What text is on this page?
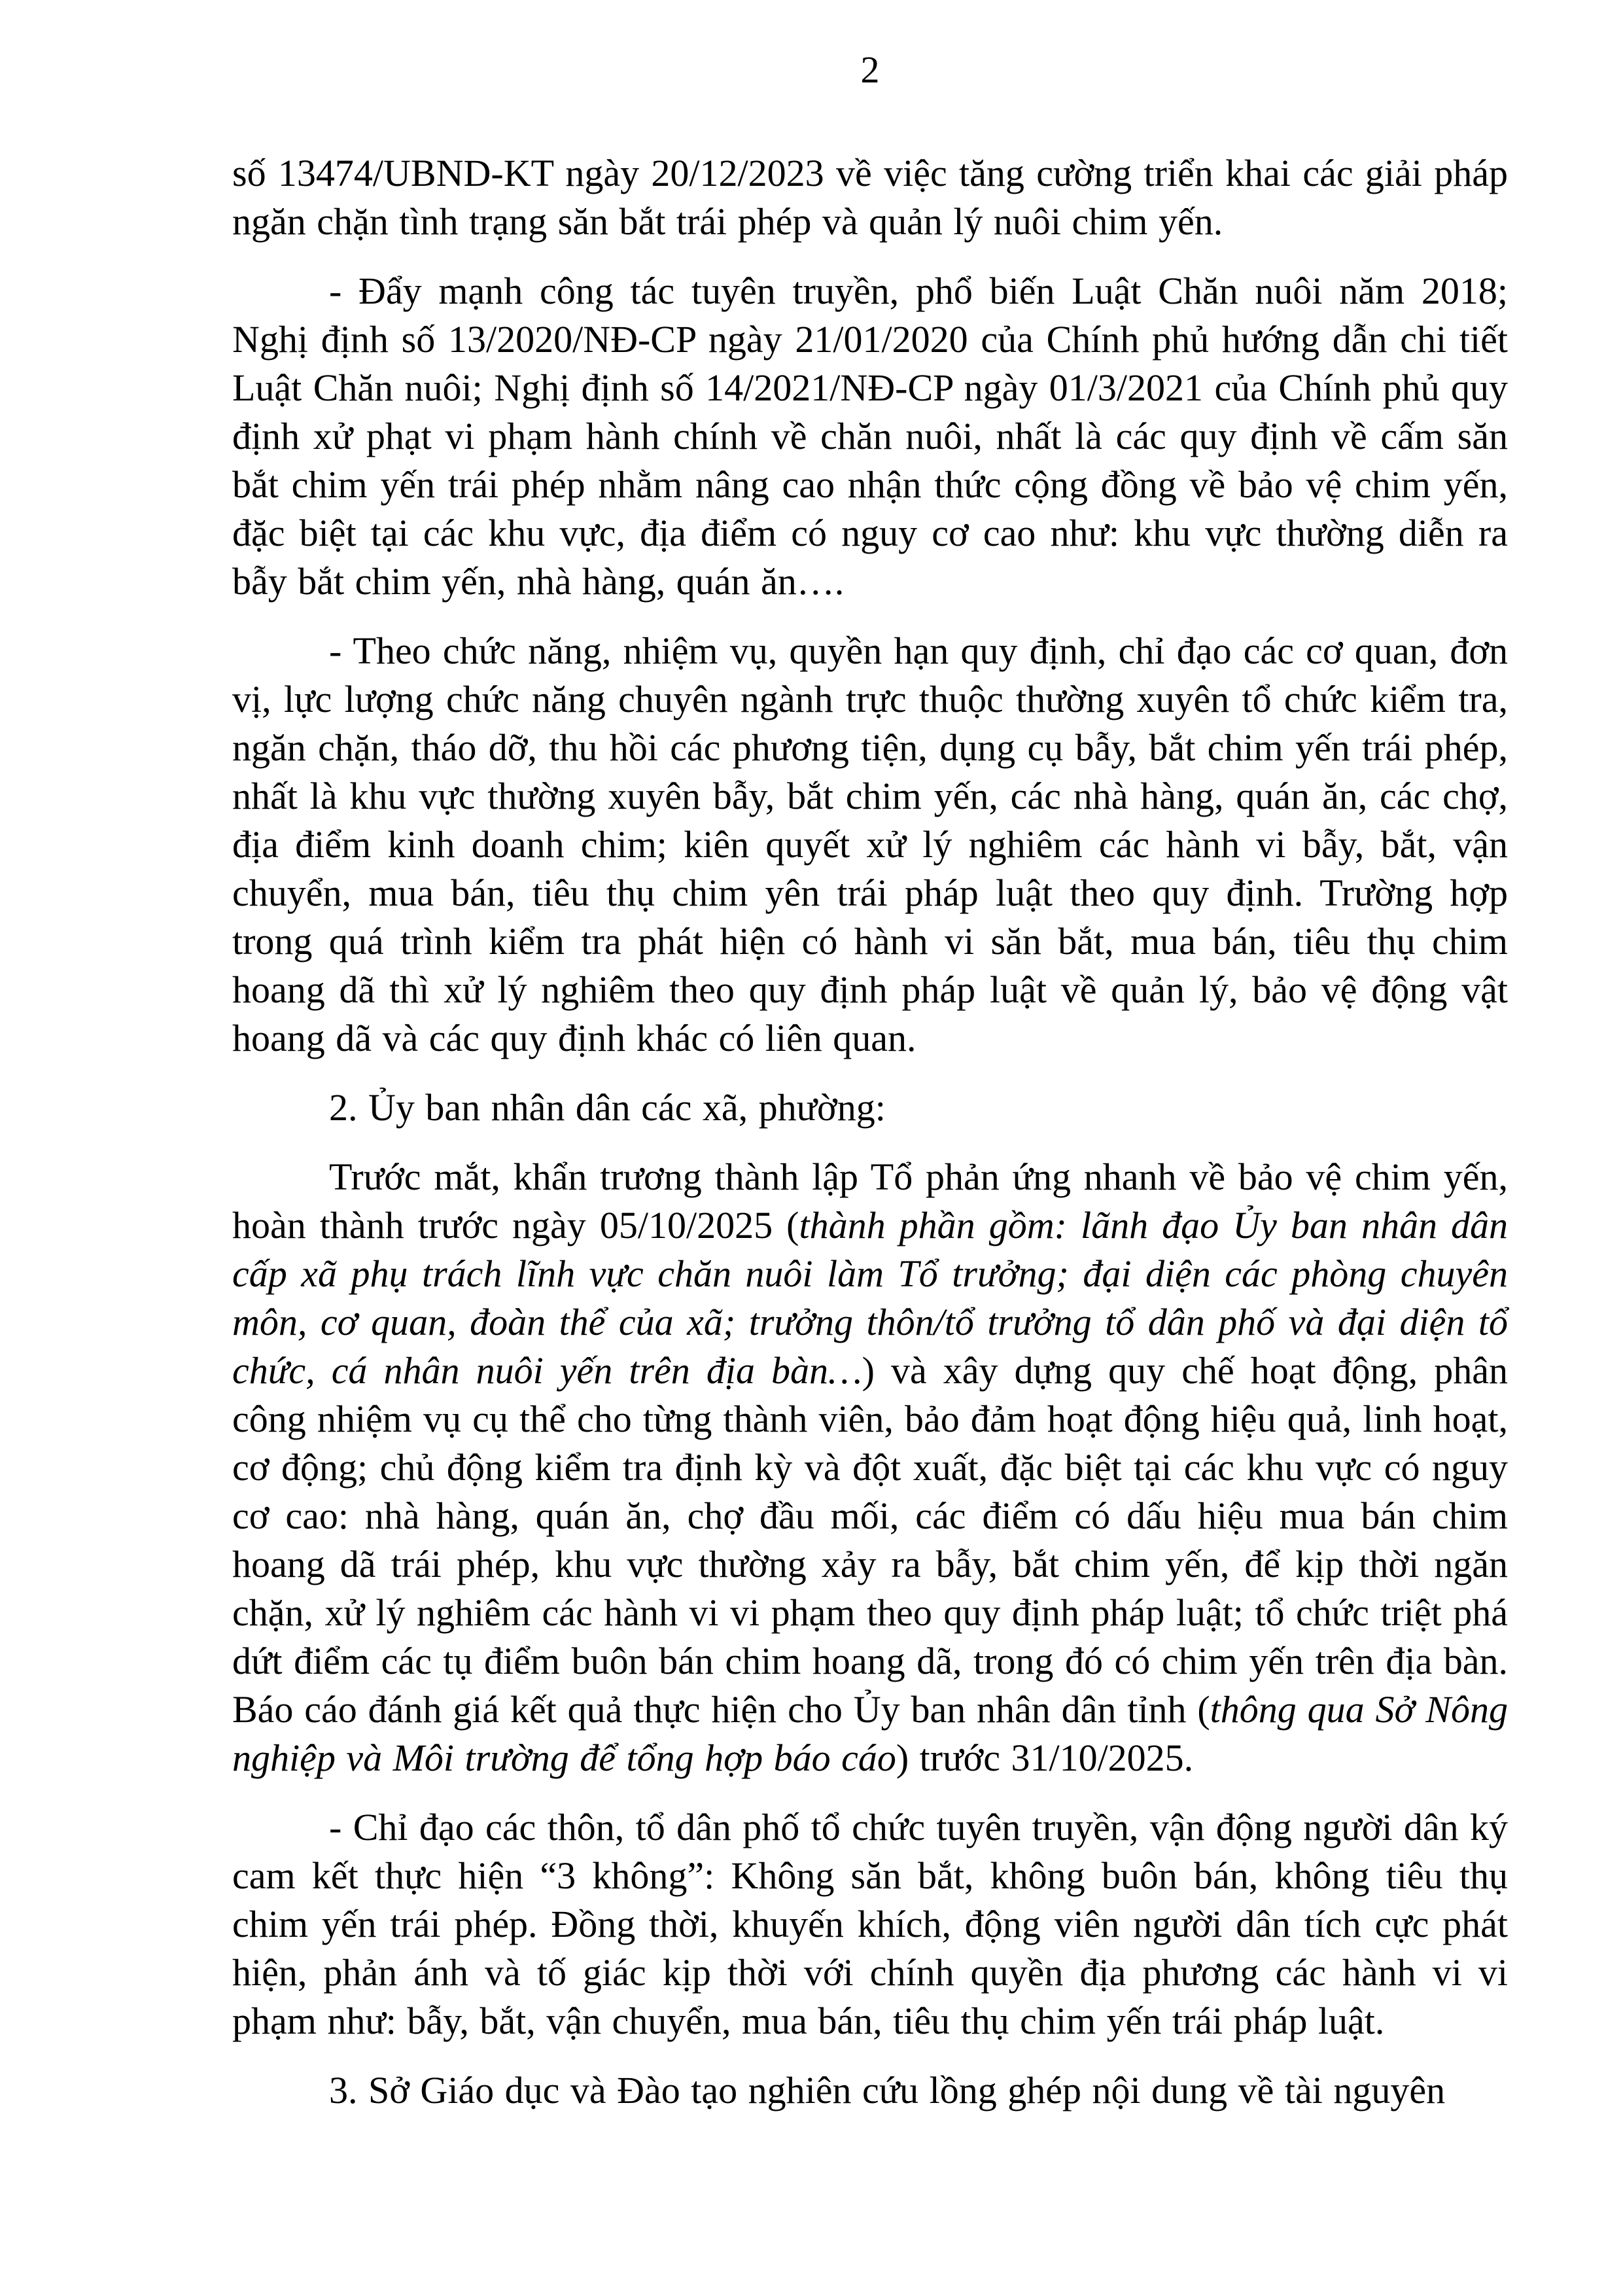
2

số 13474/UBND-KT ngày 20/12/2023 về việc tăng cường triển khai các giải pháp ngăn chặn tình trạng săn bắt trái phép và quản lý nuôi chim yến.

- Đẩy mạnh công tác tuyên truyền, phổ biến Luật Chăn nuôi năm 2018; Nghị định số 13/2020/NĐ-CP ngày 21/01/2020 của Chính phủ hướng dẫn chi tiết Luật Chăn nuôi; Nghị định số 14/2021/NĐ-CP ngày 01/3/2021 của Chính phủ quy định xử phạt vi phạm hành chính về chăn nuôi, nhất là các quy định về cấm săn bắt chim yến trái phép nhằm nâng cao nhận thức cộng đồng về bảo vệ chim yến, đặc biệt tại các khu vực, địa điểm có nguy cơ cao như: khu vực thường diễn ra bẫy bắt chim yến, nhà hàng, quán ăn….

- Theo chức năng, nhiệm vụ, quyền hạn quy định, chỉ đạo các cơ quan, đơn vị, lực lượng chức năng chuyên ngành trực thuộc thường xuyên tổ chức kiểm tra, ngăn chặn, tháo dỡ, thu hồi các phương tiện, dụng cụ bẫy, bắt chim yến trái phép, nhất là khu vực thường xuyên bẫy, bắt chim yến, các nhà hàng, quán ăn, các chợ, địa điểm kinh doanh chim; kiên quyết xử lý nghiêm các hành vi bẫy, bắt, vận chuyển, mua bán, tiêu thụ chim yên trái pháp luật theo quy định. Trường hợp trong quá trình kiểm tra phát hiện có hành vi săn bắt, mua bán, tiêu thụ chim hoang dã thì xử lý nghiêm theo quy định pháp luật về quản lý, bảo vệ động vật hoang dã và các quy định khác có liên quan.

2. Ủy ban nhân dân các xã, phường:

Trước mắt, khẩn trương thành lập Tổ phản ứng nhanh về bảo vệ chim yến, hoàn thành trước ngày 05/10/2025 (thành phần gồm: lãnh đạo Ủy ban nhân dân cấp xã phụ trách lĩnh vực chăn nuôi làm Tổ trưởng; đại diện các phòng chuyên môn, cơ quan, đoàn thể của xã; trưởng thôn/tổ trưởng tổ dân phố và đại diện tổ chức, cá nhân nuôi yến trên địa bàn…) và xây dựng quy chế hoạt động, phân công nhiệm vụ cụ thể cho từng thành viên, bảo đảm hoạt động hiệu quả, linh hoạt, cơ động; chủ động kiểm tra định kỳ và đột xuất, đặc biệt tại các khu vực có nguy cơ cao: nhà hàng, quán ăn, chợ đầu mối, các điểm có dấu hiệu mua bán chim hoang dã trái phép, khu vực thường xảy ra bẫy, bắt chim yến, để kịp thời ngăn chặn, xử lý nghiêm các hành vi vi phạm theo quy định pháp luật; tổ chức triệt phá dứt điểm các tụ điểm buôn bán chim hoang dã, trong đó có chim yến trên địa bàn. Báo cáo đánh giá kết quả thực hiện cho Ủy ban nhân dân tỉnh (thông qua Sở Nông nghiệp và Môi trường để tổng hợp báo cáo) trước 31/10/2025.

- Chỉ đạo các thôn, tổ dân phố tổ chức tuyên truyền, vận động người dân ký cam kết thực hiện “3 không”: Không săn bắt, không buôn bán, không tiêu thụ chim yến trái phép. Đồng thời, khuyến khích, động viên người dân tích cực phát hiện, phản ánh và tố giác kịp thời với chính quyền địa phương các hành vi vi phạm như: bẫy, bắt, vận chuyển, mua bán, tiêu thụ chim yến trái pháp luật.

3. Sở Giáo dục và Đào tạo nghiên cứu lồng ghép nội dung về tài nguyên
